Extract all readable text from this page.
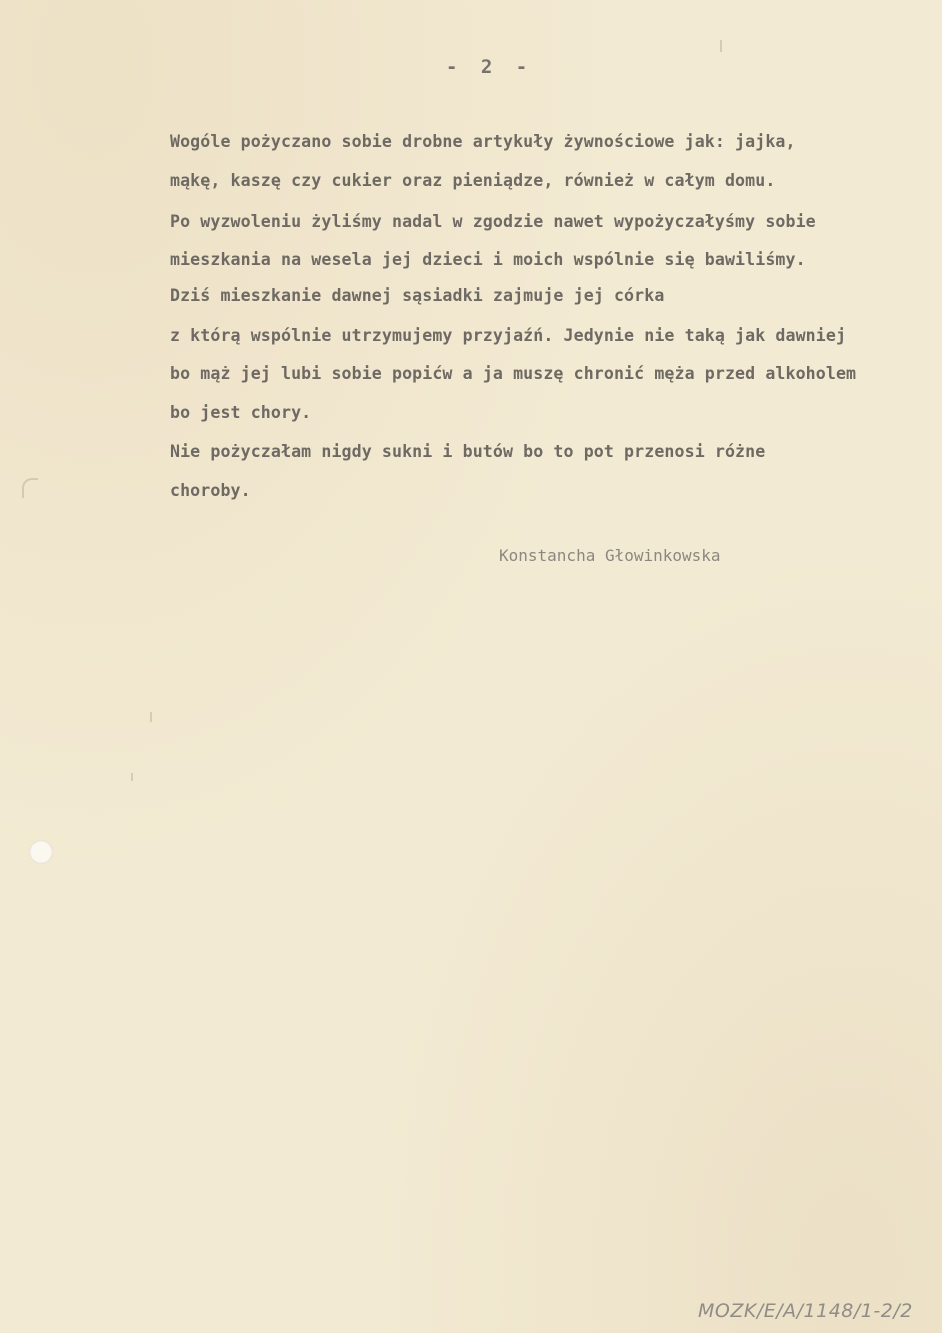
- 2 -
Wogóle pożyczano sobie drobne artykuły żywnościowe jak: jajka,
mąkę, kaszę czy cukier oraz pieniądze, również w całym domu.
Po wyzwoleniu żyliśmy nadal w zgodzie nawet wypożyczałyśmy sobie
mieszkania na wesela jej dzieci i moich wspólnie się bawiliśmy.
Dziś mieszkanie dawnej sąsiadki zajmuje jej córka
z którą wspólnie utrzymujemy przyjaźń. Jedynie nie taką jak dawniej
bo mąż jej lubi sobie popićw a ja muszę chronić męża przed alkoholem
bo jest chory.
Nie pożyczałam nigdy sukni i butów bo to pot przenosi różne
choroby.
Konstancha Głowinkowska
MOZK/E/A/1148/1-2/2
